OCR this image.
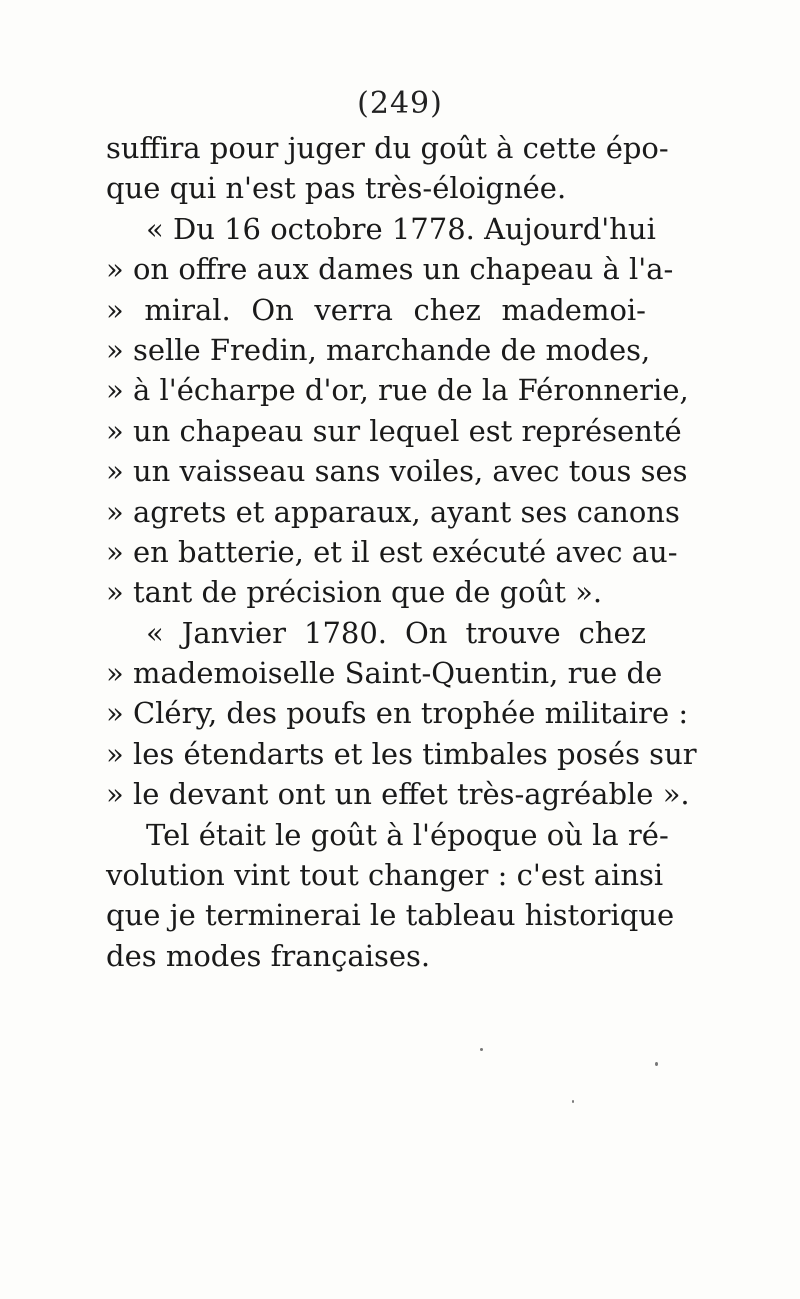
(249)
suffira pour juger du goût à cette épo-
que qui n'est pas très-éloignée.
« Du 16 octobre 1778. Aujourd'hui
» on offre aux dames un chapeau à l'a-
» miral. On verra chez mademoi-
» selle Fredin, marchande de modes,
» à l'écharpe d'or, rue de la Féronnerie,
» un chapeau sur lequel est représenté
» un vaisseau sans voiles, avec tous ses
» agrets et apparaux, ayant ses canons
» en batterie, et il est exécuté avec au-
» tant de précision que de goût ».
« Janvier 1780. On trouve chez
» mademoiselle Saint-Quentin, rue de
» Cléry, des poufs en trophée militaire :
» les étendarts et les timbales posés sur
» le devant ont un effet très-agréable ».
Tel était le goût à l'époque où la ré-
volution vint tout changer : c'est ainsi
que je terminerai le tableau historique
des modes françaises.
